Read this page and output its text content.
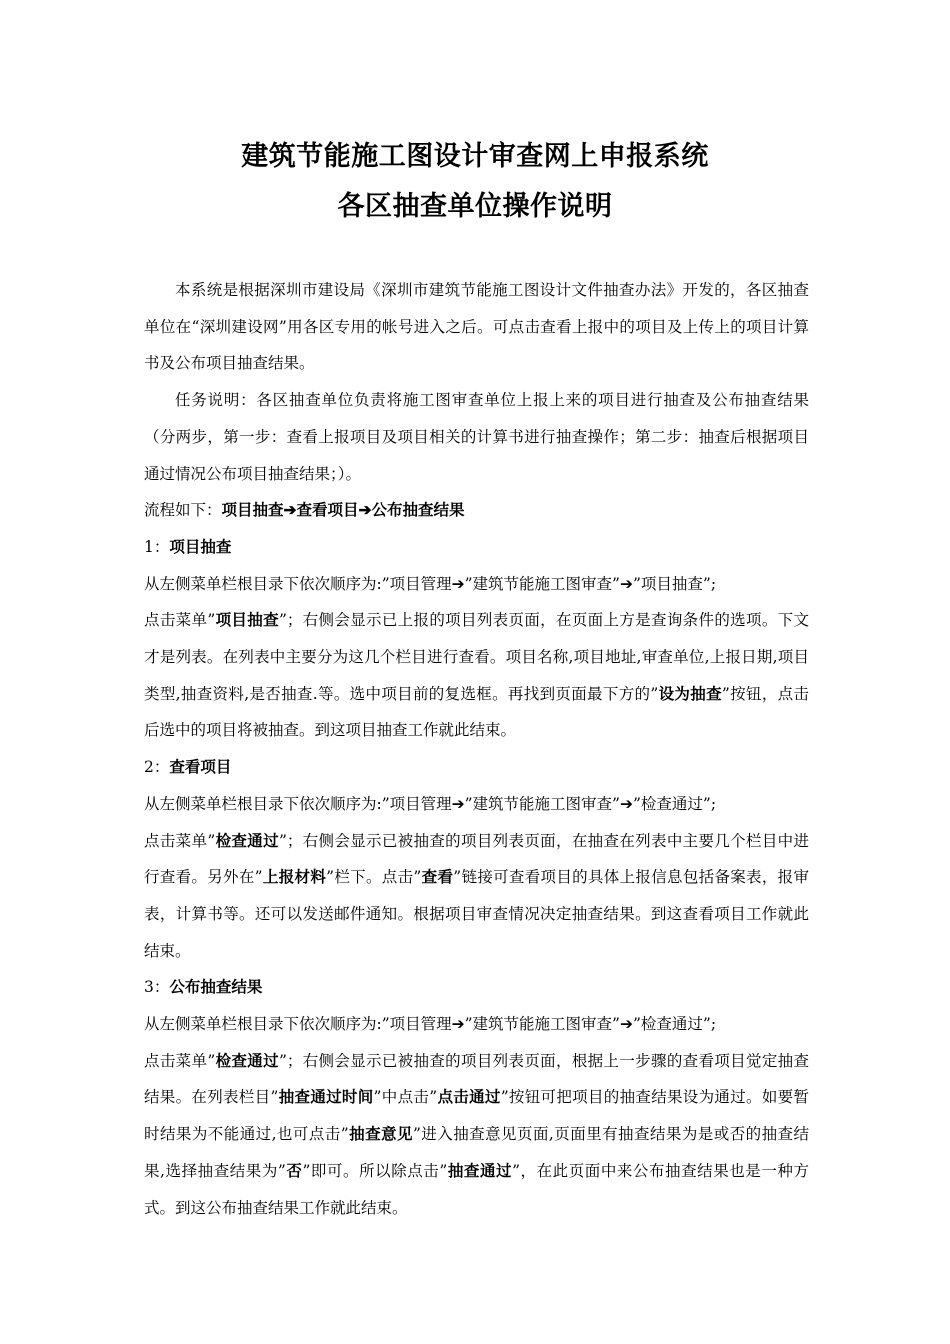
建筑节能施工图设计审查网上申报系统
各区抽查单位操作说明

本系统是根据深圳市建设局《深圳市建筑节能施工图设计文件抽查办法》开发的，各区抽查单位在“深圳建设网”用各区专用的帐号进入之后。可点击查看上报中的项目及上传上的项目计算书及公布项目抽查结果。

任务说明：各区抽查单位负责将施工图审查单位上报上来的项目进行抽查及公布抽查结果（分两步，第一步：查看上报项目及项目相关的计算书进行抽查操作；第二步：抽查后根据项目通过情况公布项目抽查结果；）。

流程如下：项目抽查➔查看项目➔公布抽查结果

1：项目抽查

从左侧菜单栏根目录下依次顺序为:”项目管理➔”建筑节能施工图审查”➔”项目抽查”;

点击菜单”项目抽查”；右侧会显示已上报的项目列表页面，在页面上方是查询条件的选项。下文才是列表。在列表中主要分为这几个栏目进行查看。项目名称,项目地址,审查单位,上报日期,项目类型,抽查资料,是否抽查.等。选中项目前的复选框。再找到页面最下方的”设为抽查”按钮，点击后选中的项目将被抽查。到这项目抽查工作就此结束。

2：查看项目

从左侧菜单栏根目录下依次顺序为:”项目管理➔”建筑节能施工图审查”➔”检查通过”;

点击菜单”检查通过”；右侧会显示已被抽查的项目列表页面，在抽查在列表中主要几个栏目中进行查看。另外在”上报材料”栏下。点击”查看”链接可查看项目的具体上报信息包括备案表，报审表，计算书等。还可以发送邮件通知。根据项目审查情况决定抽查结果。到这查看项目工作就此结束。

3：公布抽查结果

从左侧菜单栏根目录下依次顺序为:”项目管理➔”建筑节能施工图审查”➔”检查通过”;

点击菜单”检查通过”；右侧会显示已被抽查的项目列表页面，根据上一步骤的查看项目觉定抽查结果。在列表栏目”抽查通过时间”中点击”点击通过”按钮可把项目的抽查结果设为通过。如要暂时结果为不能通过,也可点击”抽查意见”进入抽查意见页面,页面里有抽查结果为是或否的抽查结果,选择抽查结果为”否”即可。所以除点击”抽查通过”，在此页面中来公布抽查结果也是一种方式。到这公布抽查结果工作就此结束。
